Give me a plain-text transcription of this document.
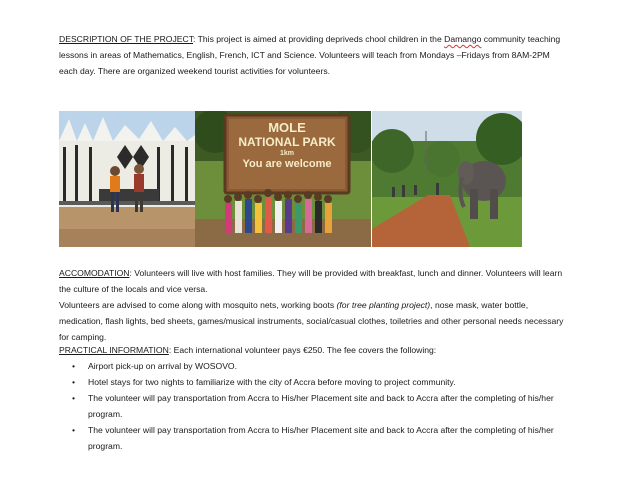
DESCRIPTION OF THE PROJECT: This project is aimed at providing depriveds chool children in the Damango community teaching lessons in areas of Mathematics, English, French, ICT and Science. Volunteers will teach from Mondays –Fridays from 8AM-2PM each day. There are organized weekend tourist activities for volunteers.
MOLE
NATIONAL PARK
1km
You are welcome
ACCOMODATION: Volunteers will live with host families. They will be provided with breakfast, lunch and dinner. Volunteers will learn the culture of the locals and vice versa.
Volunteers are advised to come along with mosquito nets, working boots (for tree planting project), nose mask, water bottle, medication, flash lights, bed sheets, games/musical instruments, social/casual clothes, toiletries and other personal needs necessary for camping.
PRACTICAL INFORMATION: Each international volunteer pays €250. The fee covers the following:
• Airport pick-up on arrival by WOSOVO.
• Hotel stays for two nights to familiarize with the city of Accra before moving to project community.
• The volunteer will pay transportation from Accra to His/her Placement site and back to Accra after the completing of his/her program.
• The volunteer will pay transportation from Accra to His/her Placement site and back to Accra after the completing of his/her program.
